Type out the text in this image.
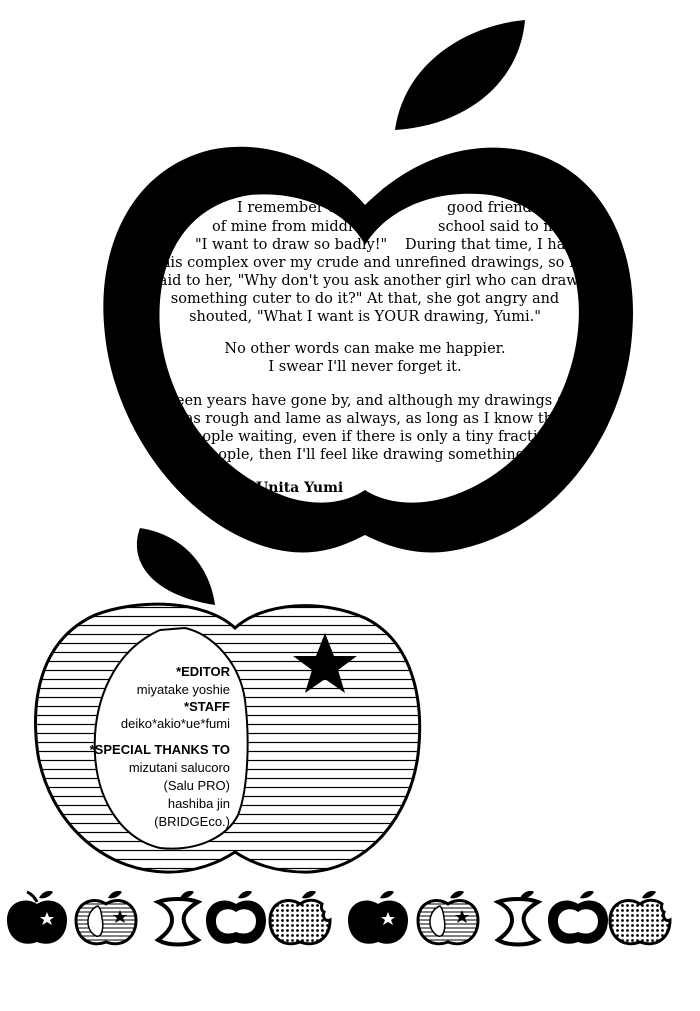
I remember a	good friend
of mine from middle	school said to me,
"I want to draw so badly!" During that time, I had
this complex over my crude and unrefined drawings, so I
said to her, "Why don't you ask another girl who can draw
something cuter to do it?" At that, she got angry and
shouted, "What I want is YOUR drawing, Yumi."
No other words can make me happier.
I swear I'll never forget it.
Fifteen years have gone by, and although my drawings are
still as rough and lame as always, as long as I know there
are people waiting, even if there is only a tiny fraction of
people, then I'll feel like drawing something.
Unita Yumi
*EDITOR
miyatake yoshie
*STAFF
deiko*akio*ue*fumi
*SPECIAL THANKS TO
mizutani salucoro
(Salu PRO)
hashiba jin
(BRIDGEco.)
